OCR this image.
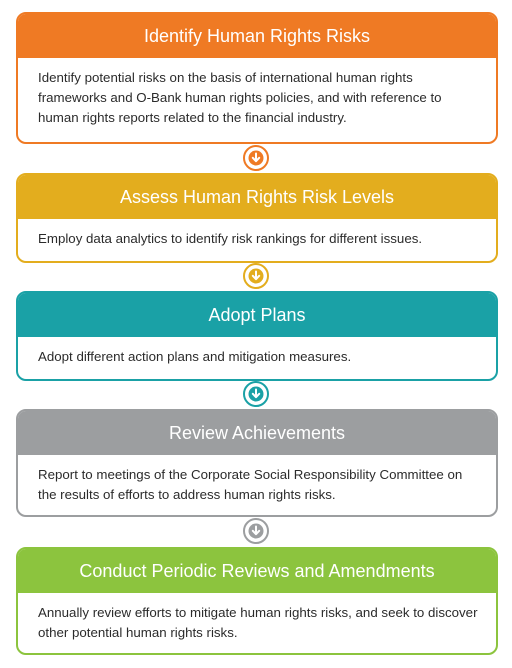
Identify Human Rights Risks
Identify potential risks on the basis of international human rights frameworks and O-Bank human rights policies, and with reference to human rights reports related to the financial industry.
Assess Human Rights Risk Levels
Employ data analytics to identify risk rankings for different issues.
Adopt Plans
Adopt different action plans and mitigation measures.
Review Achievements
Report to meetings of the Corporate Social Responsibility Committee on the results of efforts to address human rights risks.
Conduct Periodic Reviews and Amendments
Annually review efforts to mitigate human rights risks, and seek to discover other potential human rights risks.
